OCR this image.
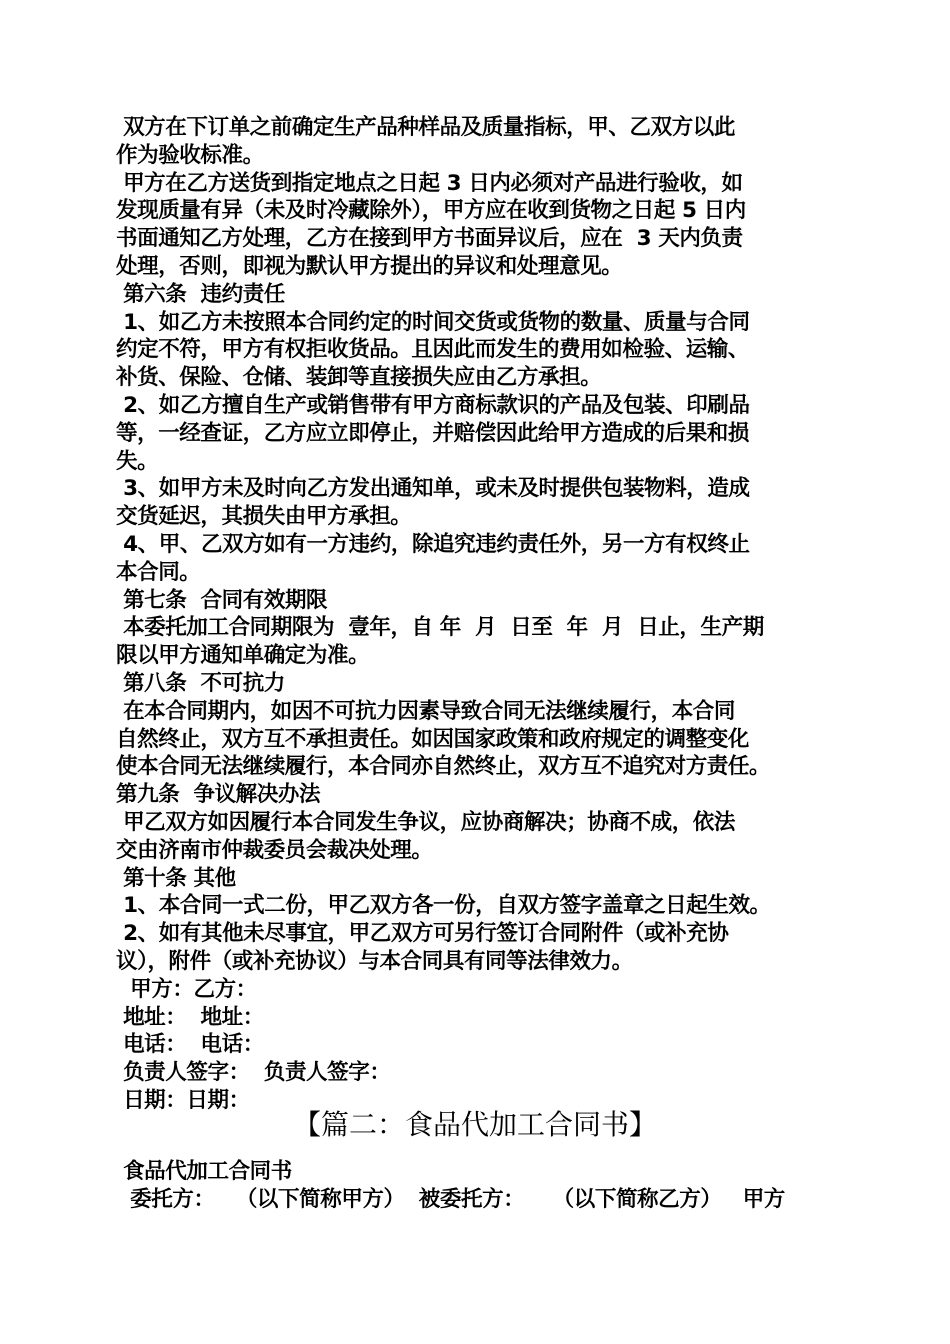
双方在下订单之前确定生产品种样品及质量指标，甲、乙双方以此
作为验收标准。
甲方在乙方送货到指定地点之日起 3 日内必须对产品进行验收，如
发现质量有异（未及时冷藏除外），甲方应在收到货物之日起 5 日内
书面通知乙方处理，乙方在接到甲方书面异议后，应在  3 天内负责
处理，否则，即视为默认甲方提出的异议和处理意见。
第六条  违约责任
1、如乙方未按照本合同约定的时间交货或货物的数量、质量与合同
约定不符，甲方有权拒收货品。且因此而发生的费用如检验、运输、
补货、保险、仓储、装卸等直接损失应由乙方承担。
2、如乙方擅自生产或销售带有甲方商标款识的产品及包装、印刷品
等，一经查证，乙方应立即停止，并赔偿因此给甲方造成的后果和损
失。
3、如甲方未及时向乙方发出通知单，或未及时提供包装物料，造成
交货延迟，其损失由甲方承担。
4、甲、乙双方如有一方违约，除追究违约责任外，另一方有权终止
本合同。
第七条  合同有效期限
本委托加工合同期限为  壹年，自 年  月  日至  年  月  日止，生产期
限以甲方通知单确定为准。
第八条  不可抗力
在本合同期内，如因不可抗力因素导致合同无法继续履行，本合同
自然终止，双方互不承担责任。如因国家政策和政府规定的调整变化
使本合同无法继续履行，本合同亦自然终止，双方互不追究对方责任。
第九条  争议解决办法
甲乙双方如因履行本合同发生争议，应协商解决；协商不成，依法
交由济南市仲裁委员会裁决处理。
第十条 其他
1、本合同一式二份，甲乙双方各一份，自双方签字盖章之日起生效。
2、如有其他未尽事宜，甲乙双方可另行签订合同附件（或补充协
议），附件（或补充协议）与本合同具有同等法律效力。
甲方：乙方：
地址：  地址：
电话：  电话：
负责人签字：  负责人签字：
日期：日期：
【篇二：食品代加工合同书】
食品代加工合同书
委托方：   （以下简称甲方）  被委托方：    （以下简称乙方）   甲方
